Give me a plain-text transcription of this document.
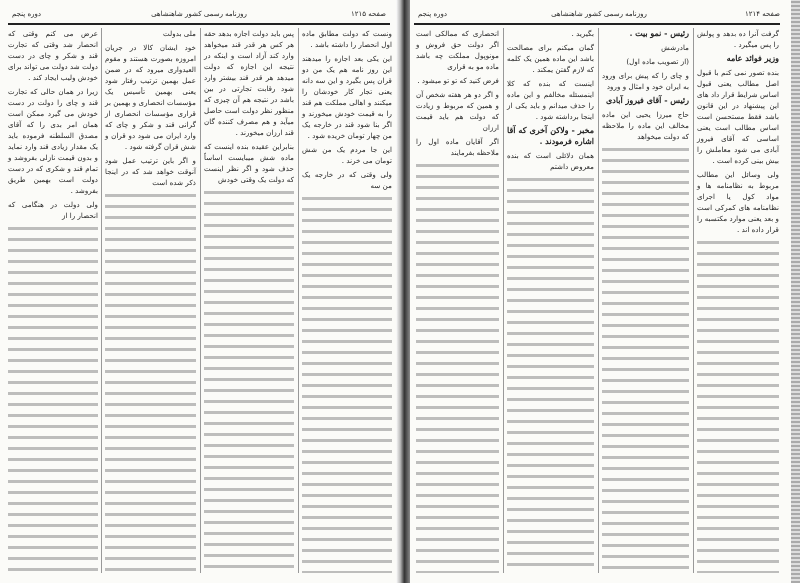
صفحه ۱۲۱۵
روزنامه رسمی کشور شاهنشاهی
دوره پنجم

ونست که دولت مطابق ماده اول انحصار را داشته باشد .

این یکی بعد اجازه را میدهند این روز نامه هم یک من دو قران پس بگیرد و این سه دانه یعنی تجار کار خودشان را میکنند و اهالی مملکت هم قند را به قیمت خودش میخورند و اگر بنا شود قند در خارجه یک من چهار تومان خریده شود .

این جا مردم یک من شش تومان می خرند .

ولی وقتی که در خارجه یک من سه

پس باید دولت اجازه بدهد حقه هر کس هر قدر قند میخواهد وارد کند آزاد است و اینکه در نتیجه این اجازه که دولت میدهد هر قدر قند بیشتر وارد شود رقابت تجارتی در بین باشد در نتیجه هم آن چیزی که منظور نظر دولت است حاصل میآید و هم مصرف کننده گان قند ارزان میخورند .

بنابراین عقیده بنده اینست که ماده شش میبایست اساساً حذف شود و اگر نظر اینست که دولت یک وقتی خودش

ملی بدولت

خود ایشان کالا در جریان امروزه بصورت هستند و مقوم العیدواری میرود که در ضمن عمل بهمین ترتیب رفتار شود یعنی بهمین تأسیس یک مؤسسات انحصاری و بهمین بر قراری مؤسسات انحصاری از گرانی قند و شکر و چای که وارد ایران می شود دو قران و شش قران گرفته شود .

و اگر باین ترتیب عمل شود آنوقت خواهد شد که در اینجا ذکر شده است

عرض می کنم وقتی که انحصار شد وقتی که تجارت قند و شکر و چای در دست دولت شد دولت می تواند برای خودش ولیب ایجاد کند .

زیرا در همان حالی که تجارت قند و چای را دولت در دست خودش می گیرد ممکن است همان امر بدی را که آقای مصدق السلطنه فرموده باید یک مقدار زیادی قند وارد نماید و بدون قیمت نازلی بفروشد و تمام قند و شکری که در دست دولت است بهمین طریق بفروشد .

ولی دولت در هنگامی که انحصار را از

صفحه ۱۲۱۴
روزنامه رسمی کشور شاهنشاهی
دوره پنجم

گرفت آنرا ده بدهد و پولش را پس میگیرد .

وزیر فوائد عامه

بنده تصور نمی کنم با قبول اصل مطالب یعنی قبول اساس شرایط قرار داد های این پیشنهاد در این قانون باشد فقط مستحسن است اساس مطالب است یعنی اساسی که آقای فیروز آبادی می شود معاملش را بیش بینی کرده است .

ولی وسائل این مطالب مربوط به نظامنامه ها و مواد کول یا اجرای نظامنامه های کمرکی است و بعد یعنی موارد مکتسبه را قرار داده اند .

رئیس - نمو بیت .

مادرشش

(از تصویب ماده اول)

و چای را که پیش برای ورود به ایران خود و امثال و ورود

رئیس - آقای فیروز آبادی

حاج میرزا یحیی این ماده مخالف این ماده را ملاحظه که دولت میخواهد

بگیرید .

گمان میکنم برای مصالحت باشد این ماده همین یک کلمه که لازم گفتن یمکند .

اینست که بنده که کلا اینمسئله مخالفم و این ماده را حذف میدانم و باید یکی از اینجا برداشته شود .

مخبر - ولاکن آخری که آقا اشاره فرمودند .

همان دلائلی است که بنده معروض داشتم

انحصاری که ممالکی است اگر دولت حق فروش و مونوپول مملکت چه باشد ماده مو به قراری

فرض کنید که تو تو میشود .

و اگر دو هر هفته شخص آن و همین که مربوط و زیادت که دولت هم باید قیمت ارزان

اگر آقایان ماده اول را ملاحظه بفرمایند
